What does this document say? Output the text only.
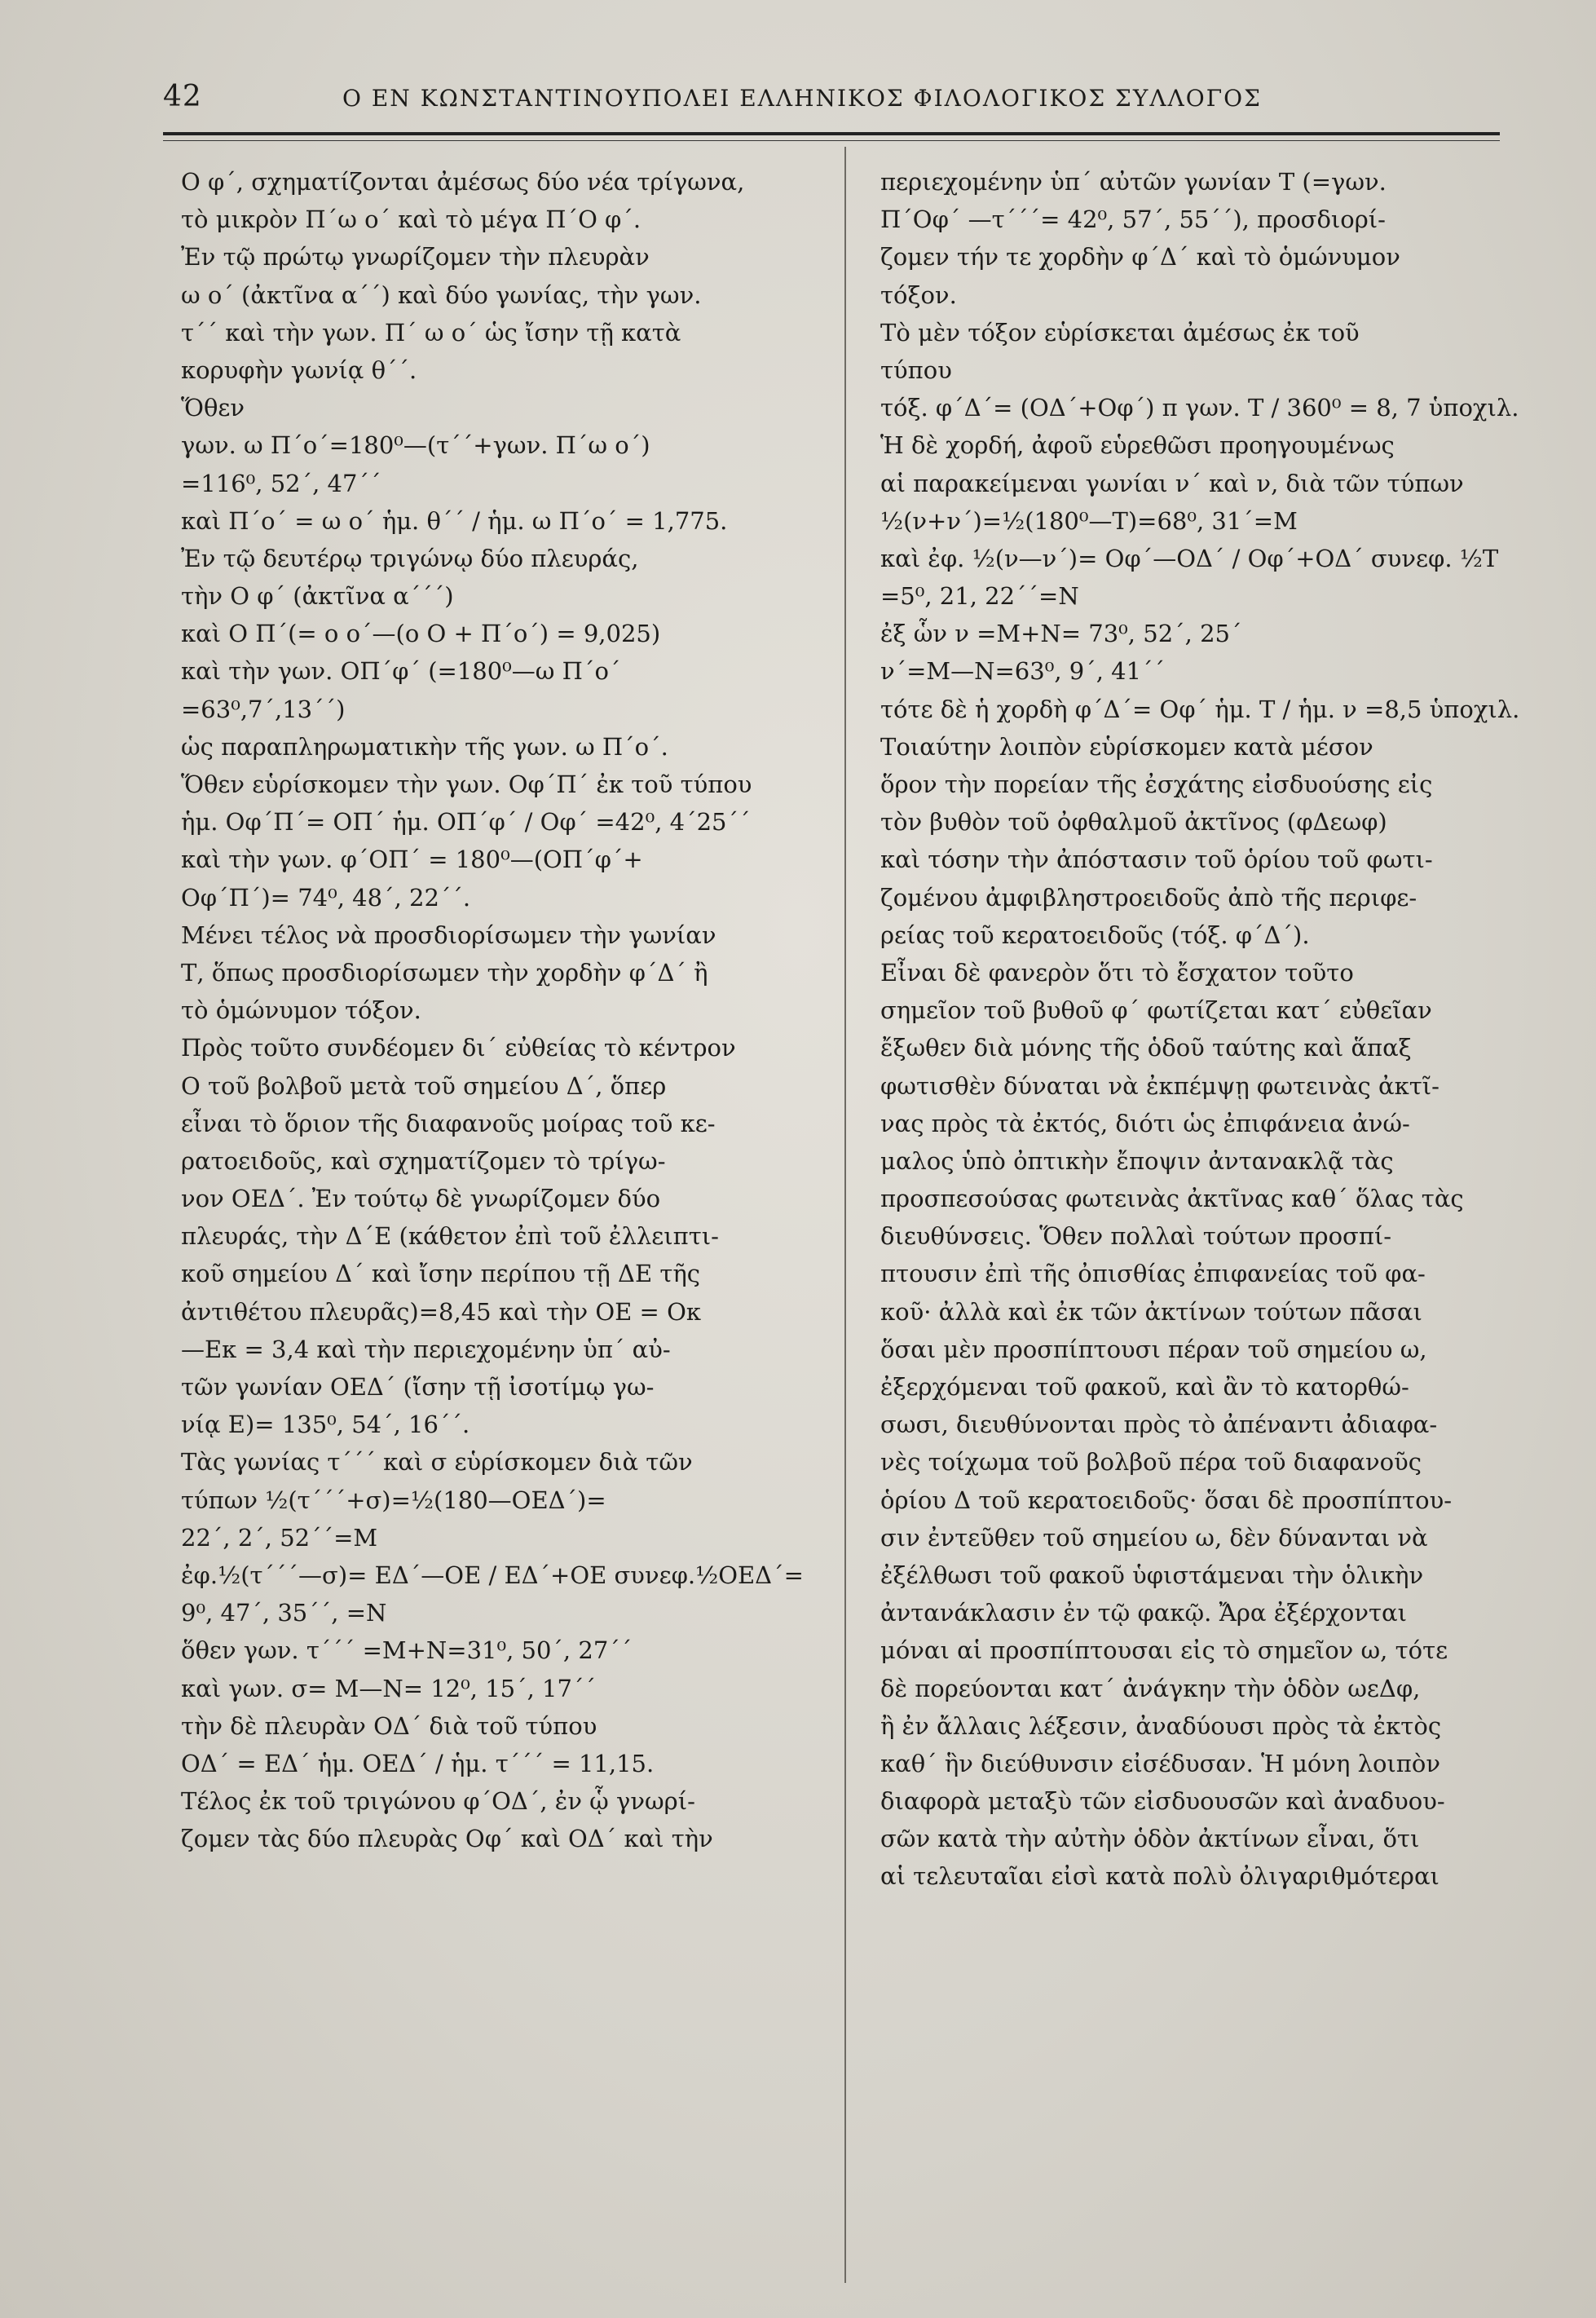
42	Ο ΕΝ ΚΩΝΣΤΑΝΤΙΝΟΥΠΟΛΕΙ ΕΛΛΗΝΙΚΟΣ ΦΙΛΟΛΟΓΙΚΟΣ ΣΥΛΛΟΓΟΣ
Ο φ΄, σχηματίζονται ἀμέσως δύο νέα τρίγωνα,
τὸ μικρὸν Π΄ω ο΄ καὶ τὸ μέγα Π΄Ο φ΄.
Ἐν τῷ πρώτῳ γνωρίζομεν τὴν πλευρὰν
ω ο΄ (ἀκτῖνα α΄΄) καὶ δύο γωνίας, τὴν γων.
τ΄΄ καὶ τὴν γων. Π΄ ω ο΄ ὡς ἴσην τῇ κατὰ
κορυφὴν γωνίᾳ θ΄΄.
Ὅθεν
γων. ω Π΄ο΄=180⁰—(τ΄΄+γων. Π΄ω ο΄)
=116⁰, 52΄, 47΄΄
καὶ Π΄ο΄ = ω ο΄ ἡμ. θ΄΄ / ἡμ. ω Π΄ο΄ = 1,775.
Ἐν τῷ δευτέρῳ τριγώνῳ δύο πλευράς,
τὴν Ο φ΄ (ἀκτῖνα α΄΄΄)
καὶ Ο Π΄(= ο ο΄—(ο Ο + Π΄ο΄) = 9,025)
καὶ τὴν γων. ΟΠ΄φ΄ (=180⁰—ω Π΄ο΄
=63⁰,7΄,13΄΄)
ὡς παραπληρωματικὴν τῆς γων. ω Π΄ο΄.
Ὅθεν εὑρίσκομεν τὴν γων. Οφ΄Π΄ ἐκ τοῦ τύπου
ἡμ. Οφ΄Π΄= ΟΠ΄ ἡμ. ΟΠ΄φ΄ / Οφ΄ =42⁰, 4΄25΄΄
καὶ τὴν γων. φ΄ΟΠ΄ = 180⁰—(ΟΠ΄φ΄+
Οφ΄Π΄)= 74⁰, 48΄, 22΄΄.
Μένει τέλος νὰ προσδιορίσωμεν τὴν γωνίαν
Τ, ὅπως προσδιορίσωμεν τὴν χορδὴν φ΄Δ΄ ἢ
τὸ ὁμώνυμον τόξον.
Πρὸς τοῦτο συνδέομεν δι΄ εὐθείας τὸ κέντρον
Ο τοῦ βολβοῦ μετὰ τοῦ σημείου Δ΄, ὅπερ
εἶναι τὸ ὅριον τῆς διαφανοῦς μοίρας τοῦ κε-
ρατοειδοῦς, καὶ σχηματίζομεν τὸ τρίγω-
νον ΟΕΔ΄. Ἐν τούτῳ δὲ γνωρίζομεν δύο
πλευράς, τὴν Δ΄Ε (κάθετον ἐπὶ τοῦ ἐλλειπτι-
κοῦ σημείου Δ΄ καὶ ἴσην περίπου τῇ ΔΕ τῆς
ἀντιθέτου πλευρᾶς)=8,45 καὶ τὴν ΟΕ = Οκ
—Εκ = 3,4 καὶ τὴν περιεχομένην ὑπ΄ αὐ-
τῶν γωνίαν ΟΕΔ΄ (ἴσην τῇ ἰσοτίμῳ γω-
νίᾳ Ε)= 135⁰, 54΄, 16΄΄.
Τὰς γωνίας τ΄΄΄ καὶ σ εὑρίσκομεν διὰ τῶν
τύπων ½(τ΄΄΄+σ)=½(180—ΟΕΔ΄)=
22΄, 2΄, 52΄΄=Μ
ἐφ.½(τ΄΄΄—σ)= ΕΔ΄—ΟΕ / ΕΔ΄+ΟΕ συνεφ.½ΟΕΔ΄=
9⁰, 47΄, 35΄΄, =Ν
ὅθεν γων. τ΄΄΄ =Μ+Ν=31⁰, 50΄, 27΄΄
καὶ γων. σ= Μ—Ν= 12⁰, 15΄, 17΄΄
τὴν δὲ πλευρὰν ΟΔ΄ διὰ τοῦ τύπου
ΟΔ΄ = ΕΔ΄ ἡμ. ΟΕΔ΄ / ἡμ. τ΄΄΄ = 11,15.
Τέλος ἐκ τοῦ τριγώνου φ΄ΟΔ΄, ἐν ᾧ γνωρί-
ζομεν τὰς δύο πλευρὰς Οφ΄ καὶ ΟΔ΄ καὶ τὴν
περιεχομένην ὑπ΄ αὐτῶν γωνίαν Τ (=γων.
Π΄Οφ΄ —τ΄΄΄= 42⁰, 57΄, 55΄΄), προσδιορί-
ζομεν τήν τε χορδὴν φ΄Δ΄ καὶ τὸ ὁμώνυμον
τόξον.
Τὸ μὲν τόξον εὑρίσκεται ἀμέσως ἐκ τοῦ
τύπου
τόξ. φ΄Δ΄= (ΟΔ΄+Οφ΄) π γων. Τ / 360⁰ = 8, 7 ὑποχιλ.
Ἡ δὲ χορδή, ἀφοῦ εὑρεθῶσι προηγουμένως
αἱ παρακείμεναι γωνίαι ν΄ καὶ ν, διὰ τῶν τύπων
½(ν+ν΄)=½(180⁰—Τ)=68⁰, 31΄=Μ
καὶ ἐφ. ½(ν—ν΄)= Οφ΄—ΟΔ΄ / Οφ΄+ΟΔ΄ συνεφ. ½Τ
=5⁰, 21, 22΄΄=Ν
ἐξ ὧν ν =Μ+Ν= 73⁰, 52΄, 25΄
ν΄=Μ—Ν=63⁰, 9΄, 41΄΄
τότε δὲ ἡ χορδὴ φ΄Δ΄= Οφ΄ ἡμ. Τ / ἡμ. ν =8,5 ὑποχιλ.
Τοιαύτην λοιπὸν εὑρίσκομεν κατὰ μέσον
ὅρον τὴν πορείαν τῆς ἐσχάτης εἰσδυούσης εἰς
τὸν βυθὸν τοῦ ὀφθαλμοῦ ἀκτῖνος (φΔεωφ)
καὶ τόσην τὴν ἀπόστασιν τοῦ ὁρίου τοῦ φωτι-
ζομένου ἀμφιβληστροειδοῦς ἀπὸ τῆς περιφε-
ρείας τοῦ κερατοειδοῦς (τόξ. φ΄Δ΄).
Εἶναι δὲ φανερὸν ὅτι τὸ ἔσχατον τοῦτο
σημεῖον τοῦ βυθοῦ φ΄ φωτίζεται κατ΄ εὐθεῖαν
ἔξωθεν διὰ μόνης τῆς ὁδοῦ ταύτης καὶ ἅπαξ
φωτισθὲν δύναται νὰ ἐκπέμψῃ φωτεινὰς ἀκτῖ-
νας πρὸς τὰ ἐκτός, διότι ὡς ἐπιφάνεια ἀνώ-
μαλος ὑπὸ ὀπτικὴν ἔποψιν ἀντανακλᾷ τὰς
προσπεσούσας φωτεινὰς ἀκτῖνας καθ΄ ὅλας τὰς
διευθύνσεις. Ὅθεν πολλαὶ τούτων προσπί-
πτουσιν ἐπὶ τῆς ὀπισθίας ἐπιφανείας τοῦ φα-
κοῦ· ἀλλὰ καὶ ἐκ τῶν ἀκτίνων τούτων πᾶσαι
ὅσαι μὲν προσπίπτουσι πέραν τοῦ σημείου ω,
ἐξερχόμεναι τοῦ φακοῦ, καὶ ἂν τὸ κατορθώ-
σωσι, διευθύνονται πρὸς τὸ ἀπέναντι ἀδιαφα-
νὲς τοίχωμα τοῦ βολβοῦ πέρα τοῦ διαφανοῦς
ὁρίου Δ τοῦ κερατοειδοῦς· ὅσαι δὲ προσπίπτου-
σιν ἐντεῦθεν τοῦ σημείου ω, δὲν δύνανται νὰ
ἐξέλθωσι τοῦ φακοῦ ὑφιστάμεναι τὴν ὁλικὴν
ἀντανάκλασιν ἐν τῷ φακῷ. Ἄρα ἐξέρχονται
μόναι αἱ προσπίπτουσαι εἰς τὸ σημεῖον ω, τότε
δὲ πορεύονται κατ΄ ἀνάγκην τὴν ὁδὸν ωεΔφ,
ἢ ἐν ἄλλαις λέξεσιν, ἀναδύουσι πρὸς τὰ ἐκτὸς
καθ΄ ἣν διεύθυνσιν εἰσέδυσαν. Ἡ μόνη λοιπὸν
διαφορὰ μεταξὺ τῶν εἰσδυουσῶν καὶ ἀναδυου-
σῶν κατὰ τὴν αὐτὴν ὁδὸν ἀκτίνων εἶναι, ὅτι
αἱ τελευταῖαι εἰσὶ κατὰ πολὺ ὀλιγαριθμότεραι
